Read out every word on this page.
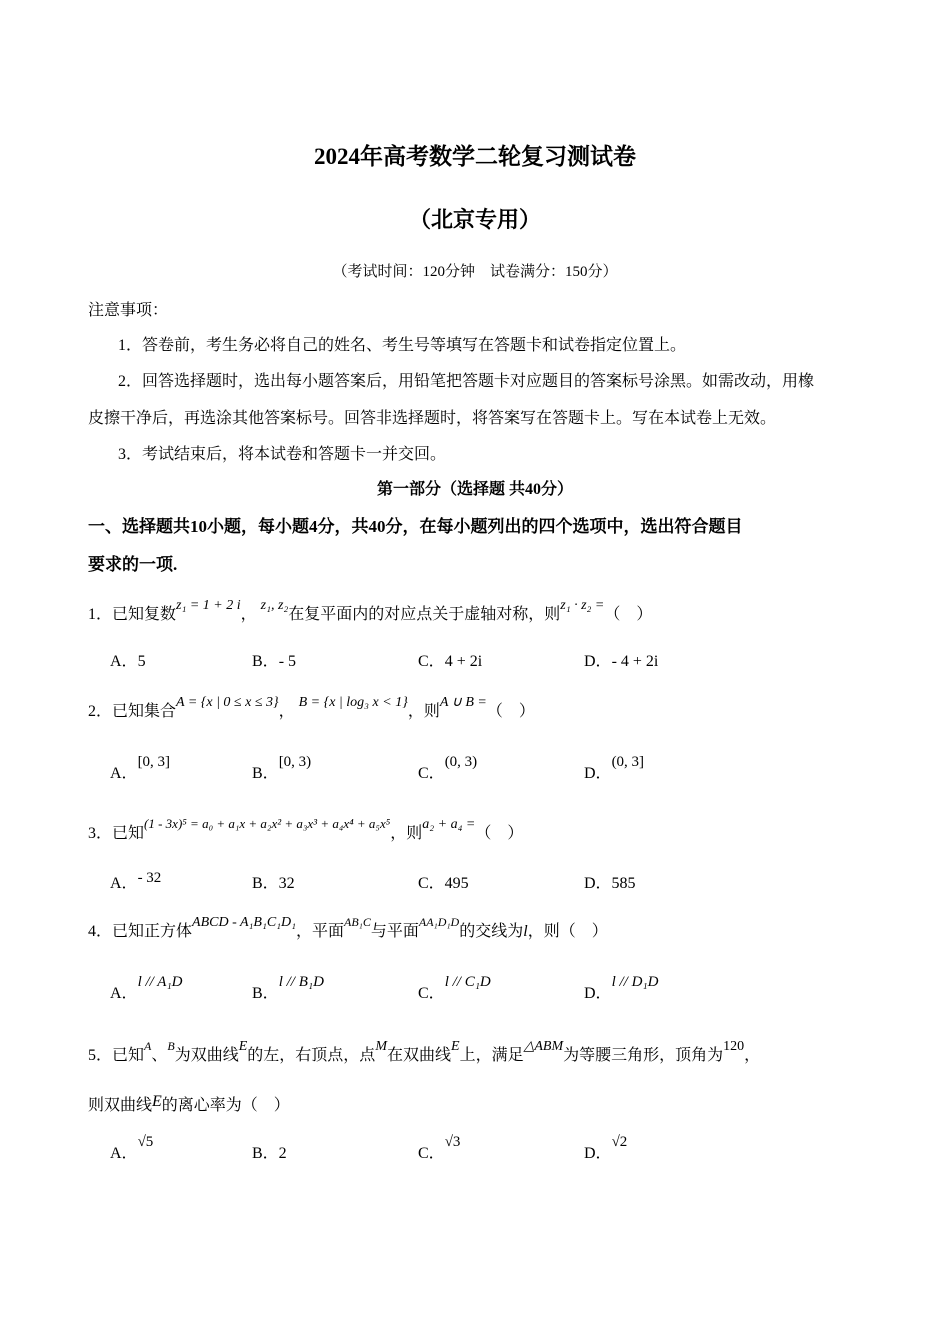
2024年高考数学二轮复习测试卷
（北京专用）
（考试时间：120分钟　试卷满分：150分）
注意事项：
1．答卷前，考生务必将自己的姓名、考生号等填写在答题卡和试卷指定位置上。
2．回答选择题时，选出每小题答案后，用铅笔把答题卡对应题目的答案标号涂黑。如需改动，用橡
皮擦干净后，再选涂其他答案标号。回答非选择题时，将答案写在答题卡上。写在本试卷上无效。
3．考试结束后，将本试卷和答题卡一并交回。
第一部分（选择题 共40分）
一、选择题共10小题，每小题4分，共40分，在每小题列出的四个选项中，选出符合题目
要求的一项.
1．已知复数z₁ = 1 + 2 i， z₁, z₂在复平面内的对应点关于虚轴对称，则z₁ · z₂ =（　）
A．5	B．- 5	C．4 + 2i	D．- 4 + 2i
2．已知集合A = {x | 0 ≤ x ≤ 3}， B = {x | log₃ x < 1}，则A ∪ B =（　）
A．[0, 3]
B．[0, 3)
C．(0, 3)
D．(0, 3]
3．已知$^{(1 - 3x)^5 = a_0 + a_1x + a_2x^2 + a_3x^3 + a_4x^4 + a_5x^5}$，则a₂ + a₄ =（　）
A．- 32	B．32	C．495	D．585
4．已知正方体ABCD - A₁B₁C₁D₁，平面$^{AB_1C}$与平面$^{AA_1D_1D}$的交线为l，则（　）
A．l // A₁D
B．l // B₁D
C．l // C₁D
D．l // D₁D
5．已知$^A$、$^B$为双曲线E的左，右顶点，点M在双曲线E上，满足△ABM为等腰三角形，顶角为120，
则双曲线E的离心率为（　）
A．√5
B．2	C．√3
D．√2
